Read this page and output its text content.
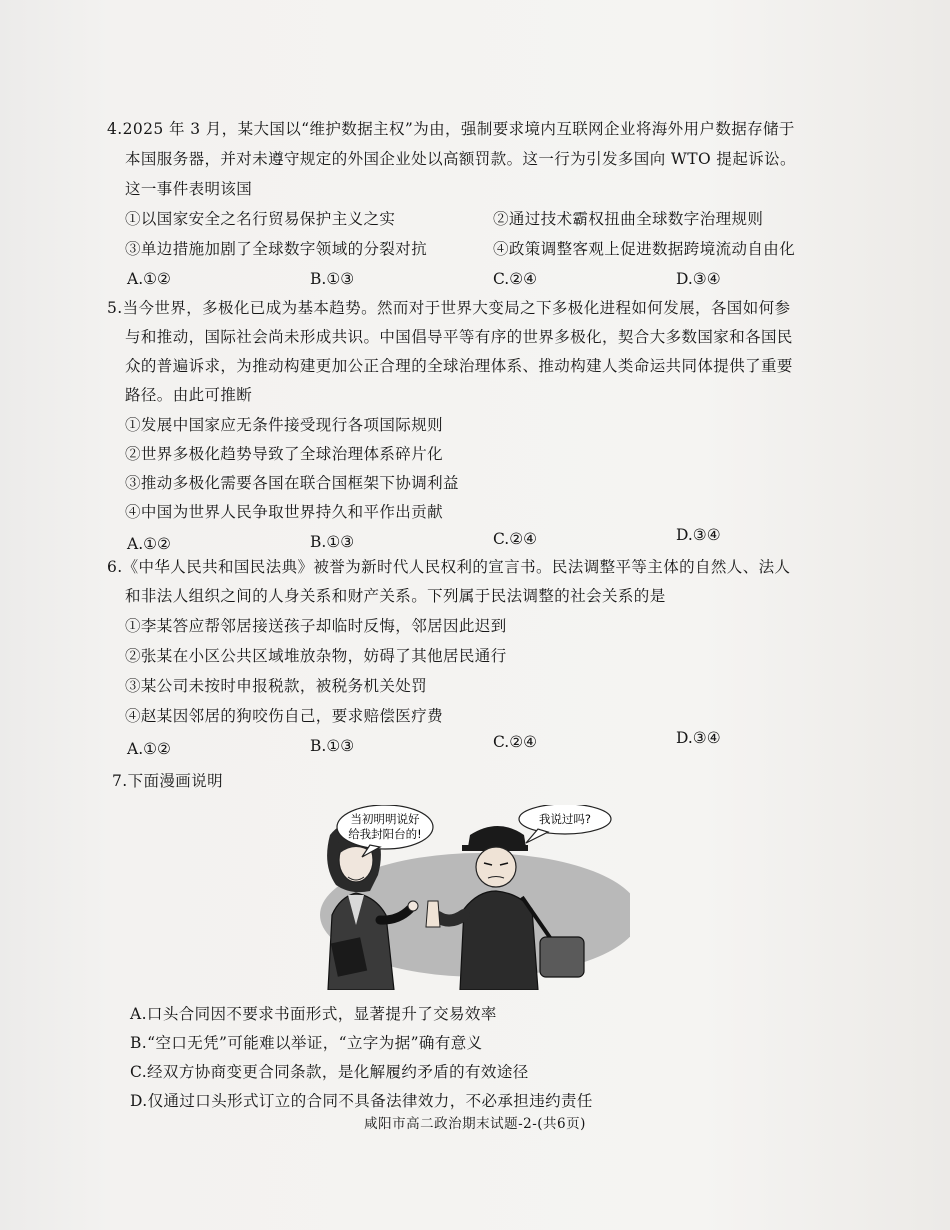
4.2025 年 3 月，某大国以“维护数据主权”为由，强制要求境内互联网企业将海外用户数据存储于
本国服务器，并对未遵守规定的外国企业处以高额罚款。这一行为引发多国向 WTO 提起诉讼。
这一事件表明该国
①以国家安全之名行贸易保护主义之实	②通过技术霸权扭曲全球数字治理规则
③单边措施加剧了全球数字领域的分裂对抗	④政策调整客观上促进数据跨境流动自由化
A.①②	B.①③	C.②④	D.③④
5.当今世界，多极化已成为基本趋势。然而对于世界大变局之下多极化进程如何发展，各国如何参
与和推动，国际社会尚未形成共识。中国倡导平等有序的世界多极化，契合大多数国家和各国民
众的普遍诉求，为推动构建更加公正合理的全球治理体系、推动构建人类命运共同体提供了重要
路径。由此可推断
①发展中国家应无条件接受现行各项国际规则
②世界多极化趋势导致了全球治理体系碎片化
③推动多极化需要各国在联合国框架下协调利益
④中国为世界人民争取世界持久和平作出贡献
A.①②	B.①③	C.②④	D.③④
6.《中华人民共和国民法典》被誉为新时代人民权利的宣言书。民法调整平等主体的自然人、法人
和非法人组织之间的人身关系和财产关系。下列属于民法调整的社会关系的是
①李某答应帮邻居接送孩子却临时反悔，邻居因此迟到
②张某在小区公共区域堆放杂物，妨碍了其他居民通行
③某公司未按时申报税款，被税务机关处罚
④赵某因邻居的狗咬伤自己，要求赔偿医疗费
A.①②	B.①③	C.②④	D.③④
7.下面漫画说明
当初明明说好
给我封阳台的!
我说过吗?
A.口头合同因不要求书面形式，显著提升了交易效率
B.“空口无凭”可能难以举证，“立字为据”确有意义
C.经双方协商变更合同条款，是化解履约矛盾的有效途径
D.仅通过口头形式订立的合同不具备法律效力，不必承担违约责任
咸阳市高二政治期末试题-2-(共6页)
